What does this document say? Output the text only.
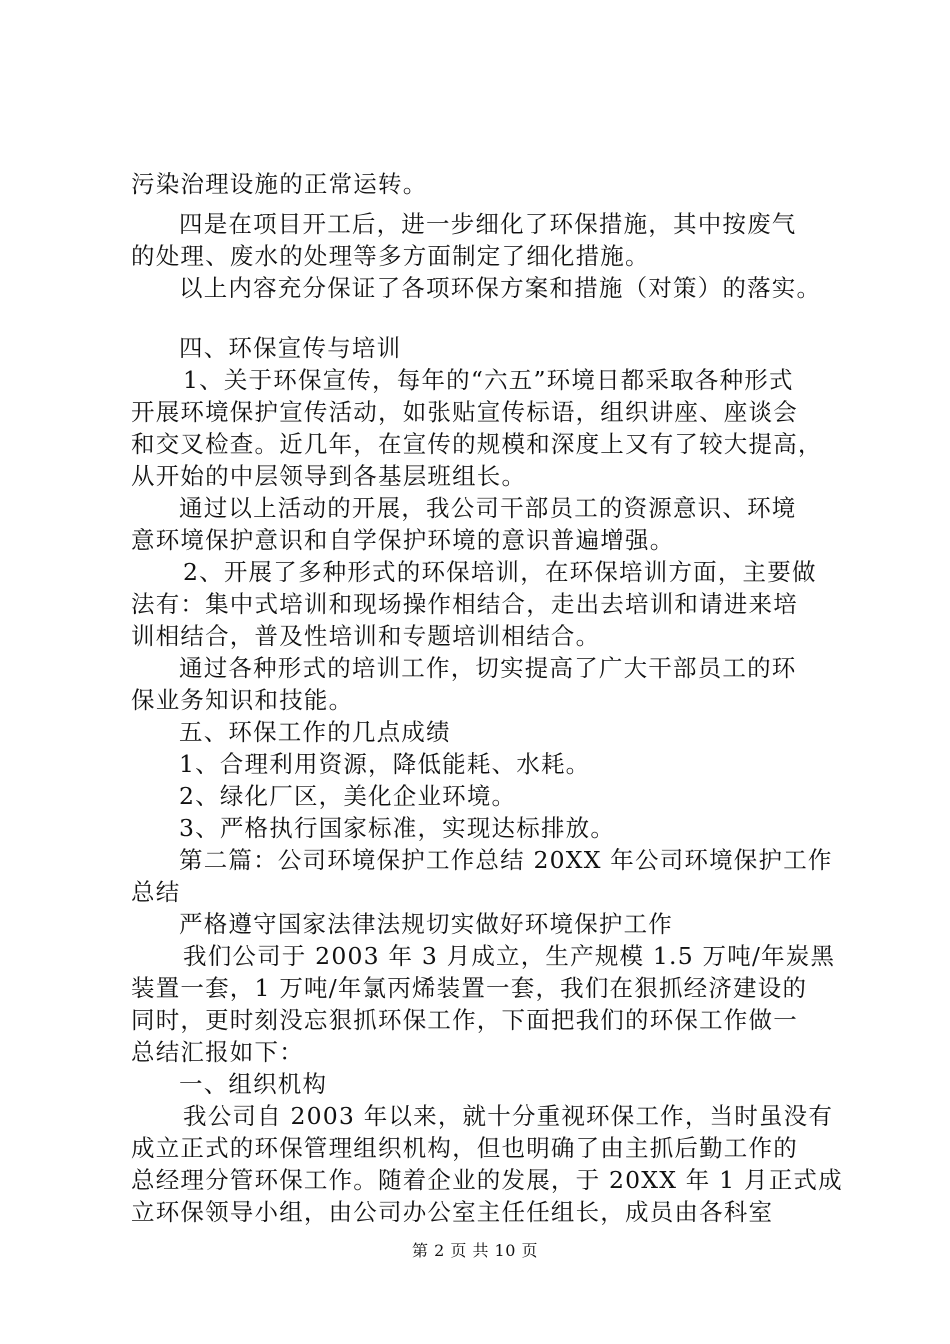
污染治理设施的正常运转。
四是在项目开工后，进一步细化了环保措施，其中按废气
的处理、废水的处理等多方面制定了细化措施。
以上内容充分保证了各项环保方案和措施（对策）的落实。
四、环保宣传与培训
1、关于环保宣传，每年的“六五”环境日都采取各种形式
开展环境保护宣传活动，如张贴宣传标语，组织讲座、座谈会
和交叉检查。近几年，在宣传的规模和深度上又有了较大提高，
从开始的中层领导到各基层班组长。
通过以上活动的开展，我公司干部员工的资源意识、环境
意环境保护意识和自学保护环境的意识普遍增强。
2、开展了多种形式的环保培训，在环保培训方面，主要做
法有：集中式培训和现场操作相结合，走出去培训和请进来培
训相结合，普及性培训和专题培训相结合。
通过各种形式的培训工作，切实提高了广大干部员工的环
保业务知识和技能。
五、环保工作的几点成绩
1、合理利用资源，降低能耗、水耗。
2、绿化厂区，美化企业环境。
3、严格执行国家标准，实现达标排放。
第二篇：公司环境保护工作总结 20XX 年公司环境保护工作
总结
严格遵守国家法律法规切实做好环境保护工作
我们公司于 2003 年 3 月成立，生产规模 1.5 万吨/年炭黑
装置一套，1 万吨/年氯丙烯装置一套，我们在狠抓经济建设的
同时，更时刻没忘狠抓环保工作，下面把我们的环保工作做一
总结汇报如下：
一、组织机构
我公司自 2003 年以来，就十分重视环保工作，当时虽没有
成立正式的环保管理组织机构，但也明确了由主抓后勤工作的
总经理分管环保工作。随着企业的发展，于 20XX 年 1 月正式成
立环保领导小组，由公司办公室主任任组长，成员由各科室
第 2 页 共 10 页
